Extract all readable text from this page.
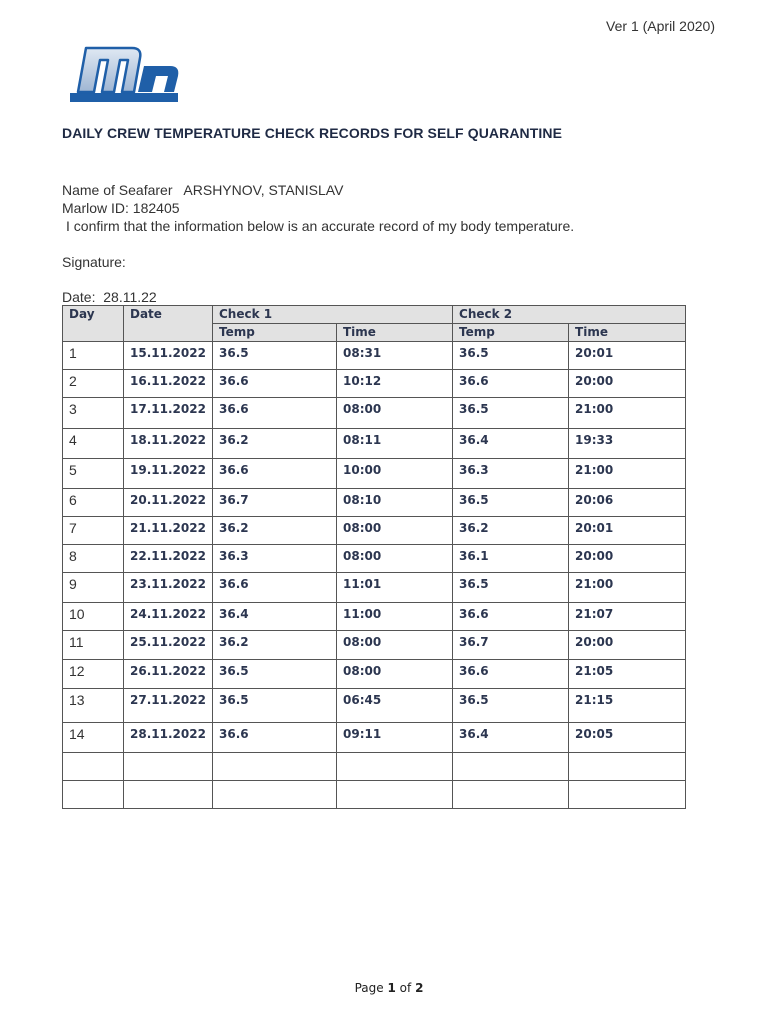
Ver 1 (April 2020)
DAILY CREW TEMPERATURE CHECK RECORDS FOR SELF QUARANTINE
Name of Seafarer ARSHYNOV, STANISLAV
Marlow ID: 182405
I confirm that the information below is an accurate record of my body temperature.
Signature:
Date: 28.11.22
Day	Date	Check 1		Check 2	
		Temp	Time	Temp	Time
1	15.11.2022	36.5	08:31	36.5	20:01
2	16.11.2022	36.6	10:12	36.6	20:00
3	17.11.2022	36.6	08:00	36.5	21:00
4	18.11.2022	36.2	08:11	36.4	19:33
5	19.11.2022	36.6	10:00	36.3	21:00
6	20.11.2022	36.7	08:10	36.5	20:06
7	21.11.2022	36.2	08:00	36.2	20:01
8	22.11.2022	36.3	08:00	36.1	20:00
9	23.11.2022	36.6	11:01	36.5	21:00
10	24.11.2022	36.4	11:00	36.6	21:07
11	25.11.2022	36.2	08:00	36.7	20:00
12	26.11.2022	36.5	08:00	36.6	21:05
13	27.11.2022	36.5	06:45	36.5	21:15
14	28.11.2022	36.6	09:11	36.4	20:05

Page 1 of 2
